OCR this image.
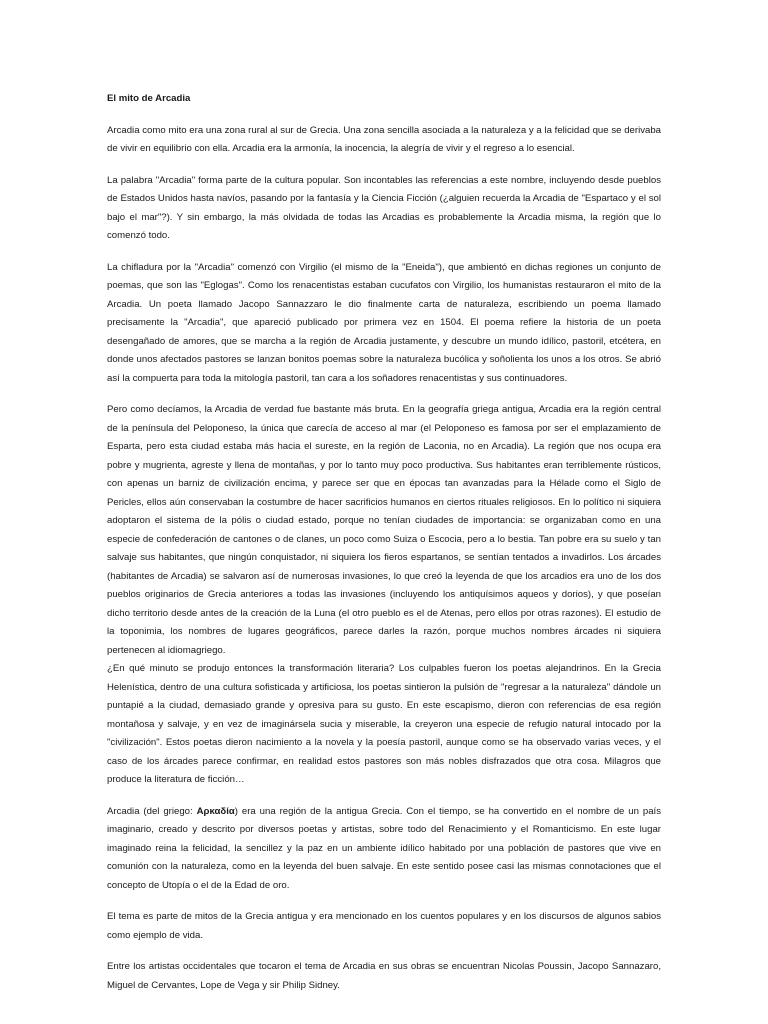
El mito de Arcadia

Arcadia como mito era una zona rural al sur de Grecia. Una zona sencilla asociada a la naturaleza y a la felicidad que se derivaba de vivir en equilibrio con ella. Arcadia era la armonía, la inocencia, la alegría de vivir y el regreso a lo esencial.

La palabra "Arcadia" forma parte de la cultura popular. Son incontables las referencias a este nombre, incluyendo desde pueblos de Estados Unidos hasta navíos, pasando por la fantasía y la Ciencia Ficción (¿alguien recuerda la Arcadia de "Espartaco y el sol bajo el mar"?). Y sin embargo, la más olvidada de todas las Arcadias es probablemente la Arcadia misma, la región que lo comenzó todo.

La chifladura por la "Arcadia" comenzó con Virgilio (el mismo de la "Eneida"), que ambientó en dichas regiones un conjunto de poemas, que son las "Eglogas". Como los renacentistas estaban cucufatos con Virgilio, los humanistas restauraron el mito de la Arcadia. Un poeta llamado Jacopo Sannazzaro le dio finalmente carta de naturaleza, escribiendo un poema llamado precisamente la "Arcadia", que apareció publicado por primera vez en 1504. El poema refiere la historia de un poeta desengañado de amores, que se marcha a la región de Arcadia justamente, y descubre un mundo idílico, pastoril, etcétera, en donde unos afectados pastores se lanzan bonitos poemas sobre la naturaleza bucólica y soñolienta los unos a los otros. Se abrió así la compuerta para toda la mitología pastoril, tan cara a los soñadores renacentistas y sus continuadores.

Pero como decíamos, la Arcadia de verdad fue bastante más bruta. En la geografía griega antigua, Arcadia era la región central de la península del Peloponeso, la única que carecía de acceso al mar (el Peloponeso es famosa por ser el emplazamiento de Esparta, pero esta ciudad estaba más hacia el sureste, en la región de Laconia, no en Arcadia). La región que nos ocupa era pobre y mugrienta, agreste y llena de montañas, y por lo tanto muy poco productiva. Sus habitantes eran terriblemente rústicos, con apenas un barniz de civilización encima, y parece ser que en épocas tan avanzadas para la Hélade como el Siglo de Pericles, ellos aún conservaban la costumbre de hacer sacrificios humanos en ciertos rituales religiosos. En lo político ni siquiera adoptaron el sistema de la pólis o ciudad estado, porque no tenían ciudades de importancia: se organizaban como en una especie de confederación de cantones o de clanes, un poco como Suiza o Escocia, pero a lo bestia. Tan pobre era su suelo y tan salvaje sus habitantes, que ningún conquistador, ni siquiera los fieros espartanos, se sentían tentados a invadirlos. Los árcades (habitantes de Arcadia) se salvaron así de numerosas invasiones, lo que creó la leyenda de que los arcadios era uno de los dos pueblos originarios de Grecia anteriores a todas las invasiones (incluyendo los antiquísimos aqueos y dorios), y que poseían dicho territorio desde antes de la creación de la Luna (el otro pueblo es el de Atenas, pero ellos por otras razones). El estudio de la toponimia, los nombres de lugares geográficos, parece darles la razón, porque muchos nombres árcades ni siquiera pertenecen al idiomagriego.

¿En qué minuto se produjo entonces la transformación literaria? Los culpables fueron los poetas alejandrinos. En la Grecia Helenística, dentro de una cultura sofisticada y artificiosa, los poetas sintieron la pulsión de "regresar a la naturaleza" dándole un puntapié a la ciudad, demasiado grande y opresiva para su gusto. En este escapismo, dieron con referencias de esa región montañosa y salvaje, y en vez de imaginársela sucia y miserable, la creyeron una especie de refugio natural intocado por la "civilización". Estos poetas dieron nacimiento a la novela y la poesía pastoril, aunque como se ha observado varias veces, y el caso de los árcades parece confirmar, en realidad estos pastores son más nobles disfrazados que otra cosa. Milagros que produce la literatura de ficción…

Arcadia (del griego: Αρκαδία) era una región de la antigua Grecia. Con el tiempo, se ha convertido en el nombre de un país imaginario, creado y descrito por diversos poetas y artistas, sobre todo del Renacimiento y el Romanticismo. En este lugar imaginado reina la felicidad, la sencillez y la paz en un ambiente idílico habitado por una población de pastores que vive en comunión con la naturaleza, como en la leyenda del buen salvaje. En este sentido posee casi las mismas connotaciones que el concepto de Utopía o el de la Edad de oro.

El tema es parte de mitos de la Grecia antigua y era mencionado en los cuentos populares y en los discursos de algunos sabios como ejemplo de vida.

Entre los artistas occidentales que tocaron el tema de Arcadia en sus obras se encuentran Nicolas Poussin, Jacopo Sannazaro, Miguel de Cervantes, Lope de Vega y sir Philip Sidney.
